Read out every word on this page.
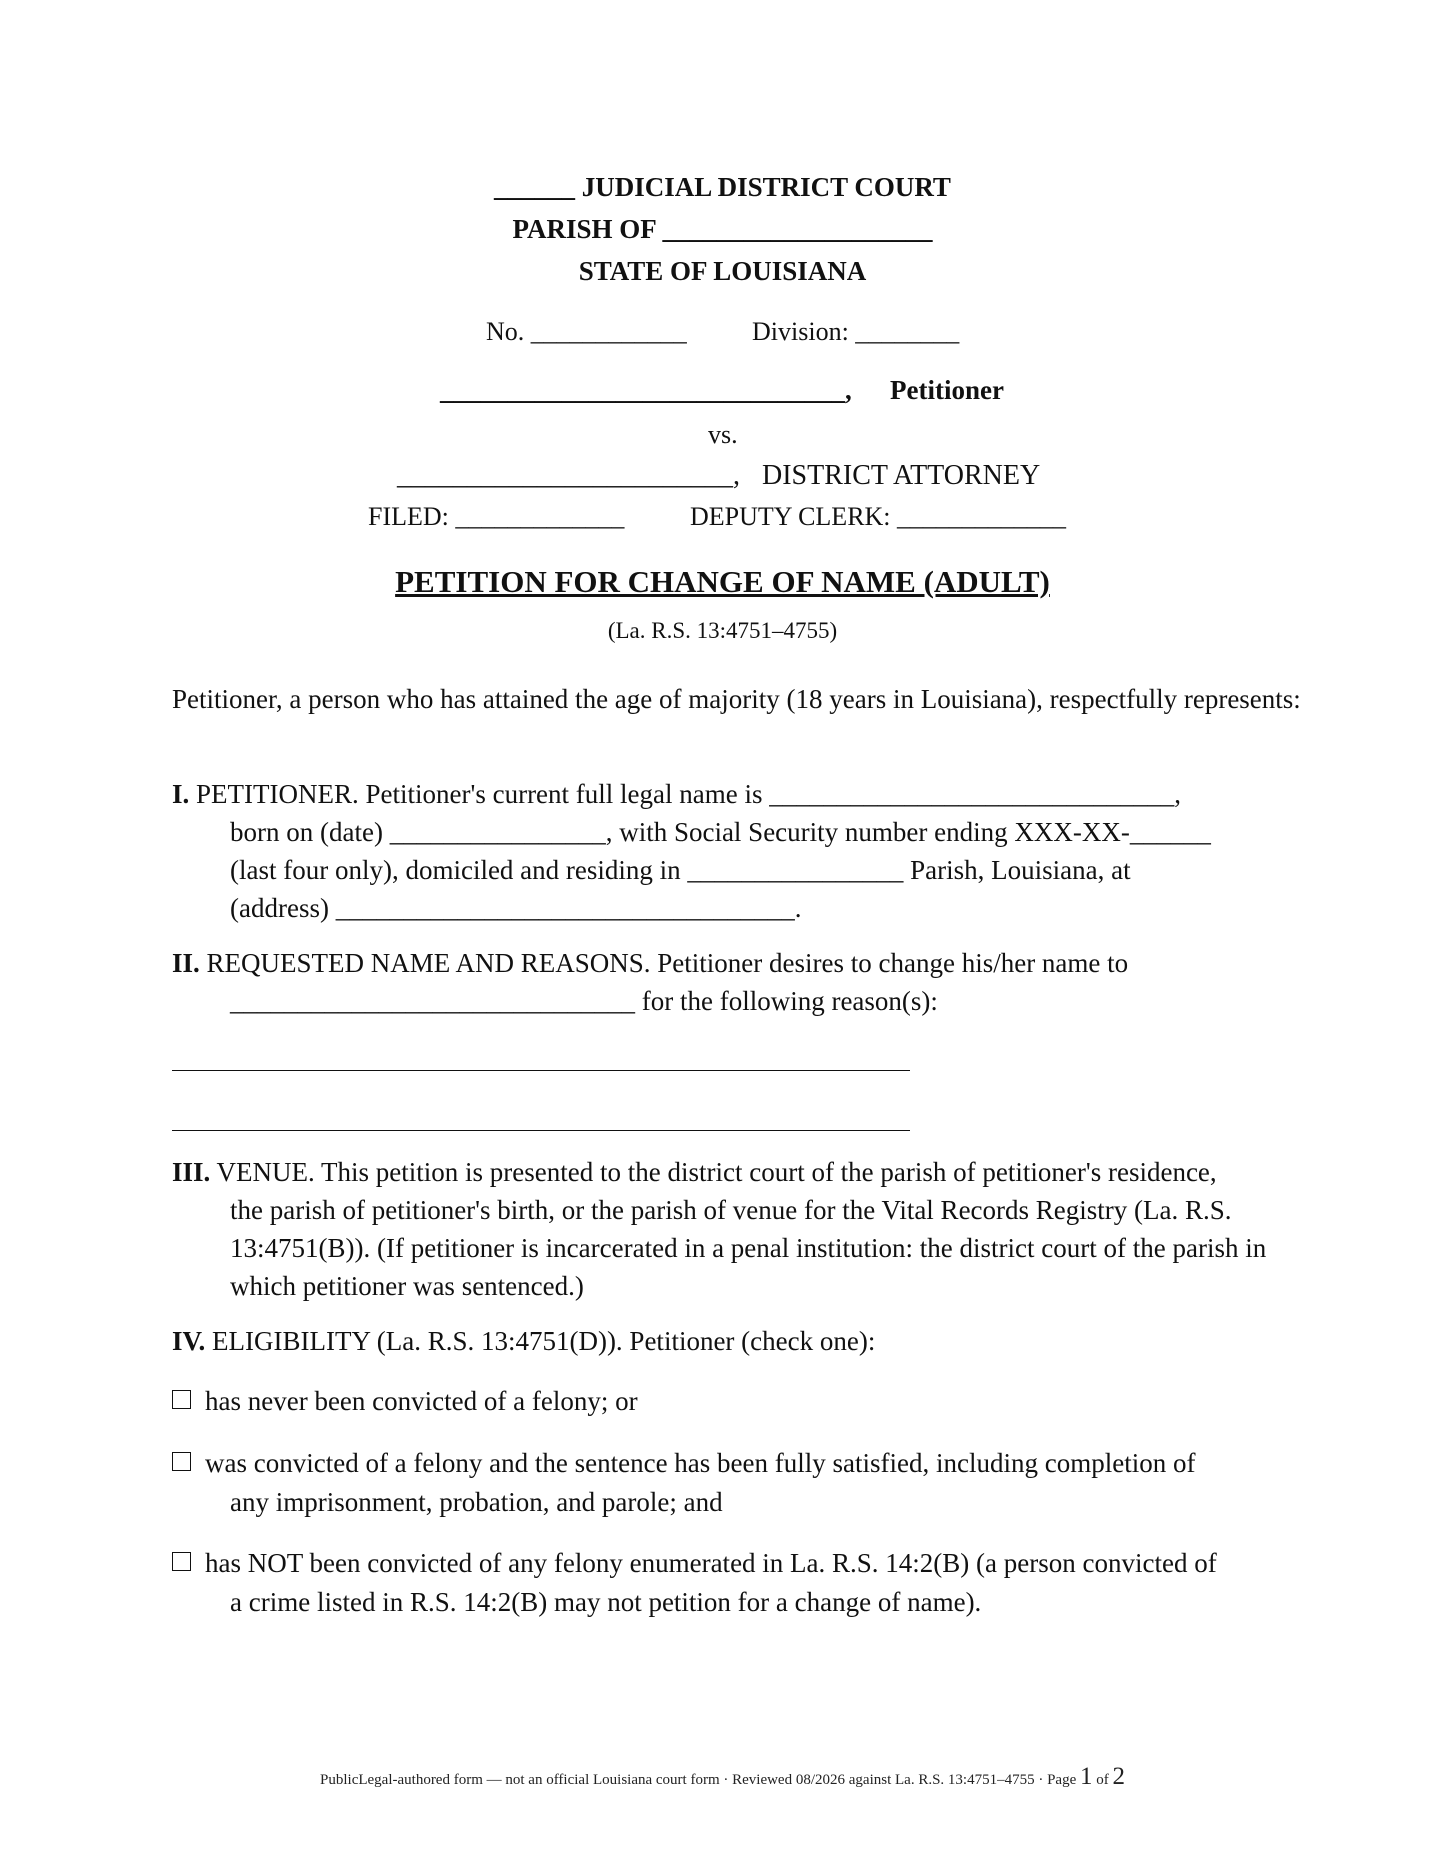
______ JUDICIAL DISTRICT COURT
PARISH OF ____________________
STATE OF LOUISIANA
No. ____________	Division: ________
______________________________, Petitioner
vs.
________________________, DISTRICT ATTORNEY
FILED: _____________	DEPUTY CLERK: _____________
PETITION FOR CHANGE OF NAME (ADULT)
(La. R.S. 13:4751–4755)
Petitioner, a person who has attained the age of majority (18 years in Louisiana), respectfully represents:
I. PETITIONER. Petitioner's current full legal name is ______________________________,
born on (date) ________________, with Social Security number ending XXX-XX-______
(last four only), domiciled and residing in ________________ Parish, Louisiana, at
(address) __________________________________.
II. REQUESTED NAME AND REASONS. Petitioner desires to change his/her name to
______________________________ for the following reason(s):
III. VENUE. This petition is presented to the district court of the parish of petitioner's residence,
the parish of petitioner's birth, or the parish of venue for the Vital Records Registry (La. R.S. 13:4751(B)). (If petitioner is incarcerated in a penal institution: the district court of the parish in which petitioner was sentenced.)
IV. ELIGIBILITY (La. R.S. 13:4751(D)). Petitioner (check one):
has never been convicted of a felony; or
was convicted of a felony and the sentence has been fully satisfied, including completion of
any imprisonment, probation, and parole; and
has NOT been convicted of any felony enumerated in La. R.S. 14:2(B) (a person convicted of
a crime listed in R.S. 14:2(B) may not petition for a change of name).
PublicLegal-authored form — not an official Louisiana court form · Reviewed 08/2026 against La. R.S. 13:4751–4755 · Page 1 of 2
